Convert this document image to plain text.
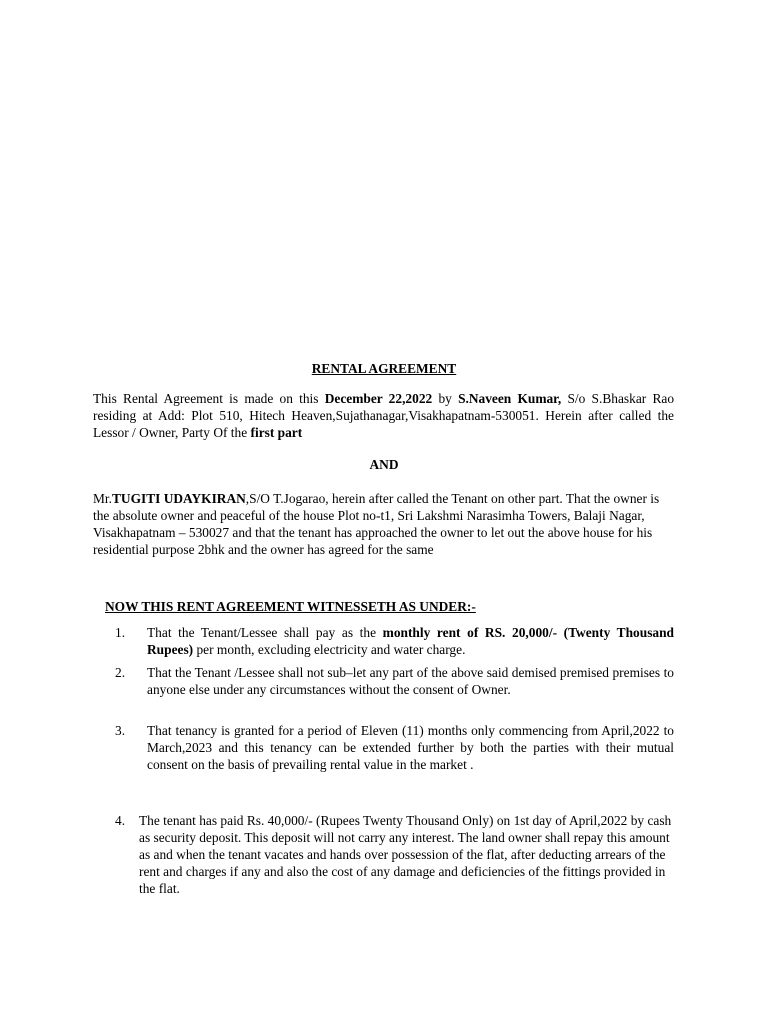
RENTAL AGREEMENT
This Rental Agreement is made on this December 22,2022 by S.Naveen Kumar, S/o S.Bhaskar Rao residing at Add: Plot 510, Hitech Heaven,Sujathanagar,Visakhapatnam-530051. Herein after called the Lessor / Owner, Party Of the first part
AND
Mr.TUGITI UDAYKIRAN,S/O T.Jogarao, herein after called the Tenant on other part. That the owner is the absolute owner and peaceful of the house Plot no-t1, Sri Lakshmi Narasimha Towers, Balaji Nagar, Visakhapatnam – 530027 and that the tenant has approached the owner to let out the above house for his residential purpose 2bhk and the owner has agreed for the same
NOW THIS RENT AGREEMENT WITNESSETH AS UNDER:-
1.	That the Tenant/Lessee shall pay as the monthly rent of RS. 20,000/- (Twenty Thousand Rupees) per month, excluding electricity and water charge.
2.	That the Tenant /Lessee shall not sub–let any part of the above said demised premised premises to anyone else under any circumstances without the consent of Owner.
3.	That tenancy is granted for a period of Eleven (11) months only commencing from April,2022 to March,2023 and this tenancy can be extended further by both the parties with their mutual consent on the basis of prevailing rental value in the market .
4. The tenant has paid Rs. 40,000/- (Rupees Twenty Thousand Only) on 1st day of April,2022 by cash as security deposit. This deposit will not carry any interest. The land owner shall repay this amount as and when the tenant vacates and hands over possession of the flat, after deducting arrears of the rent and charges if any and also the cost of any damage and deficiencies of the fittings provided in the flat.
